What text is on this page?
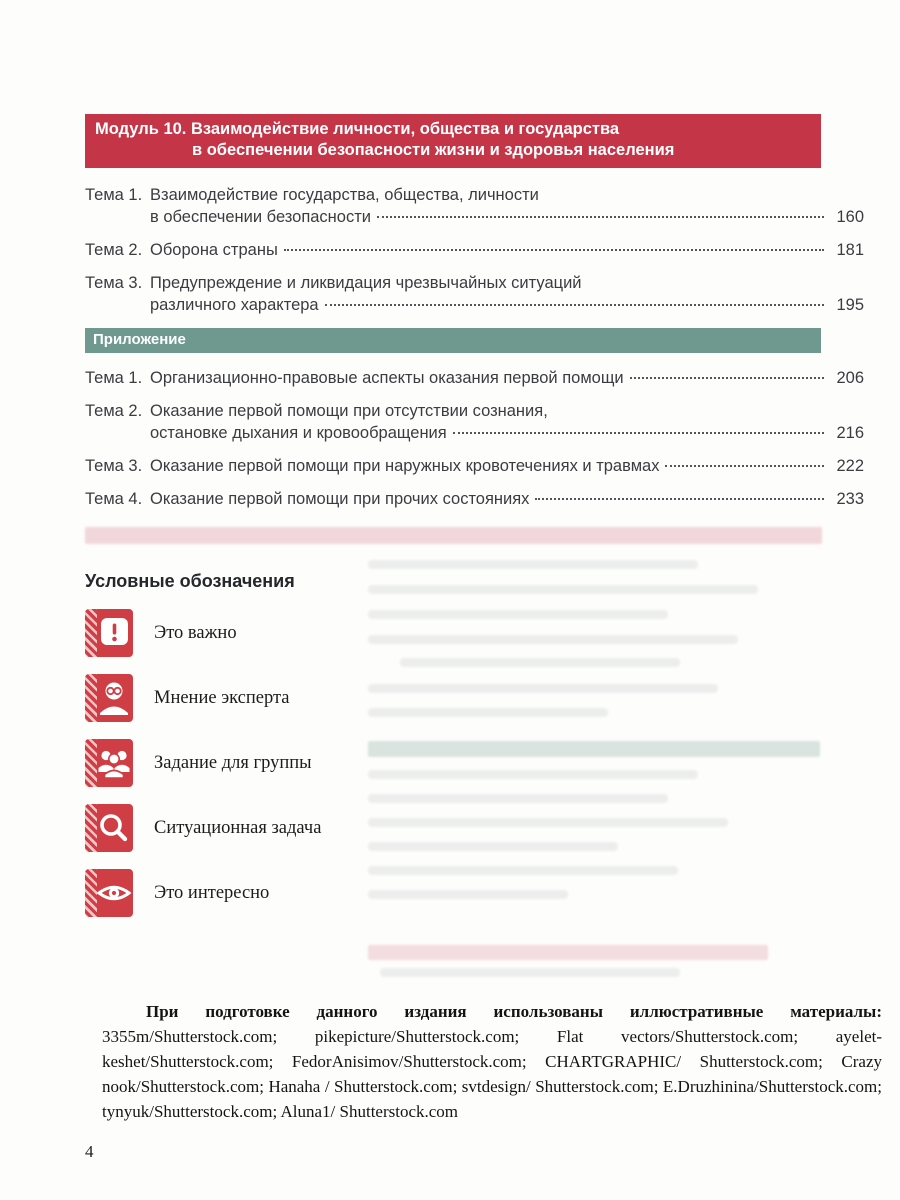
Модуль 10. Взаимодействие личности, общества и государства
в обеспечении безопасности жизни и здоровья населения
Тема 1. Взаимодействие государства, общества, личности
в обеспечении безопасности	160
Тема 2. Оборона страны	181
Тема 3. Предупреждение и ликвидация чрезвычайных ситуаций
различного характера	195
Приложение
Тема 1. Организационно-правовые аспекты оказания первой помощи	206
Тема 2. Оказание первой помощи при отсутствии сознания,
остановке дыхания и кровообращения	216
Тема 3. Оказание первой помощи при наружных кровотечениях и травмах	222
Тема 4. Оказание первой помощи при прочих состояниях	233
Условные обозначения
Это важно
Мнение эксперта
Задание для группы
Ситуационная задача
Это интересно

При подготовке данного издания использованы иллюстративные материалы: 3355m/Shutterstock.com; pikepicture/Shutterstock.com; Flat vectors/Shutterstock.com; ayelet-keshet/Shutterstock.com; FedorAnisimov/Shutterstock.com; CHARTGRAPHIC/ Shutterstock.com; Crazy nook/Shutterstock.com; Hanaha / Shutterstock.com; svtdesign/ Shutterstock.com; E.Druzhinina/Shutterstock.com; tynyuk/Shutterstock.com; Aluna1/ Shutterstock.com

4
